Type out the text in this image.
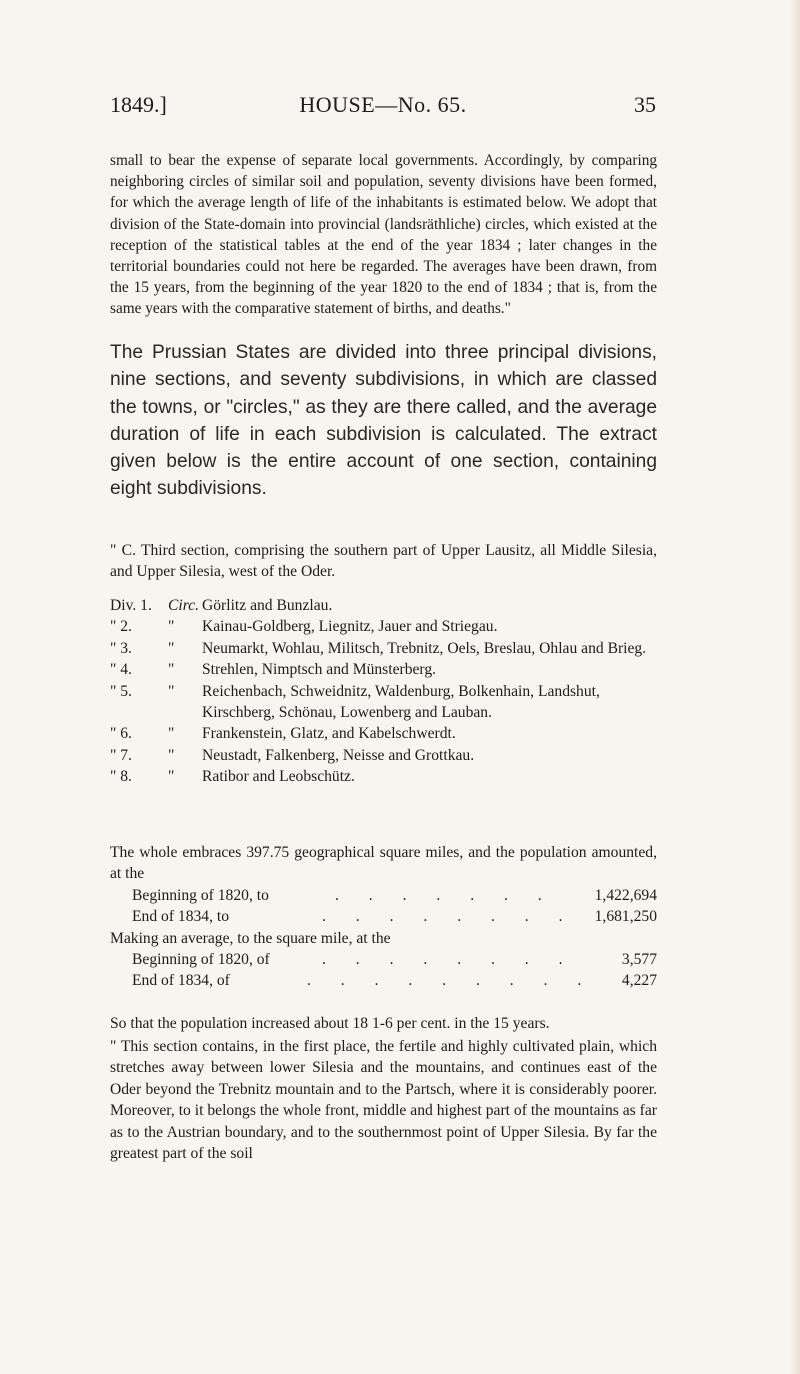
1849.]	HOUSE—No. 65.	35
small to bear the expense of separate local governments. Accordingly, by comparing neighboring circles of similar soil and population, seventy divisions have been formed, for which the average length of life of the inhabitants is estimated below. We adopt that division of the State-domain into provincial (landsräthliche) circles, which existed at the reception of the statistical tables at the end of the year 1834 ; later changes in the territorial boundaries could not here be regarded. The averages have been drawn, from the 15 years, from the beginning of the year 1820 to the end of 1834 ; that is, from the same years with the comparative statement of births, and deaths."
The Prussian States are divided into three principal divisions, nine sections, and seventy subdivisions, in which are classed the towns, or "circles," as they are there called, and the average duration of life in each subdivision is calculated. The extract given below is the entire account of one section, containing eight subdivisions.
" C. Third section, comprising the southern part of Upper Lausitz, all Middle Silesia, and Upper Silesia, west of the Oder.
Div. 1.	Circ. Görlitz and Bunzlau.
" 2.	"	Kainau-Goldberg, Liegnitz, Jauer and Striegau.
" 3.	"	Neumarkt, Wohlau, Militsch, Trebnitz, Oels, Breslau, Ohlau and Brieg.
" 4.	"	Strehlen, Nimptsch and Münsterberg.
" 5.	"	Reichenbach, Schweidnitz, Waldenburg, Bolkenhain, Landshut, Kirschberg, Schönau, Lowenberg and Lauban.
" 6.	"	Frankenstein, Glatz, and Kabelschwerdt.
" 7.	"	Neustadt, Falkenberg, Neisse and Grottkau.
" 8.	"	Ratibor and Leobschütz.
The whole embraces 397.75 geographical square miles, and the population amounted, at the
Beginning of 1820, to	. . . . . . .	1,422,694
End of 1834, to	. . . . . . . . 1,681,250
Making an average, to the square mile, at the
Beginning of 1820, of	. . . . . . . .	3,577
End of 1834, of	. . . . . . . . . 4,227
So that the population increased about 18 1-6 per cent. in the 15 years.
" This section contains, in the first place, the fertile and highly cultivated plain, which stretches away between lower Silesia and the mountains, and continues east of the Oder beyond the Trebnitz mountain and to the Partsch, where it is considerably poorer. Moreover, to it belongs the whole front, middle and highest part of the mountains as far as to the Austrian boundary, and to the southernmost point of Upper Silesia. By far the greatest part of the soil
